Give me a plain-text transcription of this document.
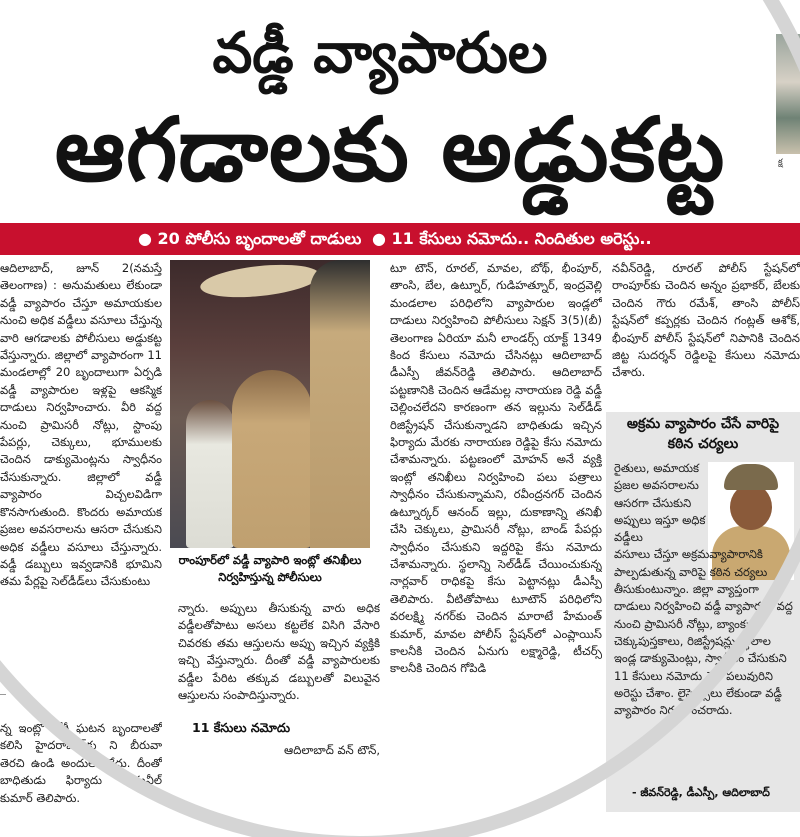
వడ్డీ వ్యాపారుల
ఆగడాలకు అడ్డుకట్ట	క్ష
● 20 పోలీసు బృందాలతో దాడులు ● 11 కేసులు నమోదు.. నిందితుల అరెస్టు..

ఆదిలాబాద్, జూన్ 2(నమస్తే తెలంగాణ) : అనుమతులు లేకుండా వడ్డీ వ్యాపారం చేస్తూ అమాయకుల నుంచి అధిక వడ్డీలు వసూలు చేస్తున్న వారి ఆగడాలకు పోలీసులు అడ్డుకట్ట వేస్తున్నారు. జిల్లాలో వ్యాపారంగా 11 మండలాల్లో 20 బృందాలుగా ఏర్పడి వడ్డీ వ్యాపారుల ఇళ్లపై ఆకస్మిక దాడులు నిర్వహించారు. వీరి వద్ద నుంచి ప్రామిసరీ నోట్లు, స్టాంపు పేపర్లు, చెక్కులు, భూములకు చెందిన డాక్యుమెంట్లను స్వాధీనం చేసుకున్నారు. జిల్లాలో వడ్డీ వ్యాపారం విచ్చలవిడిగా కొనసాగుతుంది. కొందరు అమాయక ప్రజల అవసరాలను ఆసరా చేసుకుని అధిక వడ్డీలు వసూలు చేస్తున్నారు. వడ్డీ డబ్బులు ఇవ్వడానికి భూమిని తమ పేర్లపై సెల్‌డీడ్‌లు చేసుకుంటు

న్న ఇంట్లో చోరీ ఘటన బృందాలతో కలిసి హైదరాబాద్‌కు ని బీరువా తెరచి ఉండి అందులో లేదు. దీంతో బాధితుడు ఫిర్యాదు ఎ.సునీల్ కుమార్ తెలిపారు.

రాంపూర్‌లో వడ్డీ వ్యాపారి ఇంట్లో తనిఖీలు నిర్వహిస్తున్న పోలీసులు

న్నారు. అప్పులు తీసుకున్న వారు అధిక వడ్డీలతోపాటు అసలు కట్టలేక విసిగి వేసారి చివరకు తమ ఆస్తులను అప్పు ఇచ్చిన వ్యక్తికి ఇచ్చి వేస్తున్నారు. దీంతో వడ్డీ వ్యాపారులకు వడ్డీల పేరిట తక్కువ డబ్బులతో విలువైన ఆస్తులను సంపాదిస్తున్నారు.

11 కేసులు నమోదు

ఆదిలాబాద్ వన్ టౌన్,

టూ టౌన్, రూరల్, మావల, బోథ్, భీంపూర్, తాంసి, బేల, ఉట్నూర్, గుడిహత్నూర్, ఇంద్రవెల్లి మండలాల పరిధిలోని వ్యాపారుల ఇండ్లలో దాడులు నిర్వహించి పోలీసులు సెక్షన్ 3(5)(బీ) తెలంగాణ ఏరియా మనీ లాండర్స్ యాక్ట్ 1349 కింద కేసులు నమోదు చేసినట్లు ఆదిలాబాద్ డీఎస్పీ జీవన్‌రెడ్డి తెలిపారు. ఆదిలాబాద్ పట్టణానికి చెందిన ఆడేమల్ల నారాయణ రెడ్డి వడ్డీ చెల్లించలేదని కారణంగా తన ఇల్లును సెల్‌డీడ్ రిజిస్ట్రేషన్ చేసుకున్నాడని బాధితుడు ఇచ్చిన ఫిర్యాదు మేరకు నారాయణ రెడ్డిపై కేసు నమోదు చేశామన్నారు. పట్టణంలో మోహన్ అనే వ్యక్తి ఇంట్లో తనిఖీలు నిర్వహించి పలు పత్రాలు స్వాధీనం చేసుకున్నామని, రవీంద్రనగర్ చెందిన ఉట్నూర్కర్ ఆనంద్ ఇల్లు, దుకాణాన్ని తనిఖీ చేసి చెక్కులు, ప్రామిసరీ నోట్లు, బాండ్ పేపర్లు స్వాధీనం చేసుకుని ఇద్దరిపై కేసు నమోదు చేశామన్నారు. స్థలాన్ని సెల్‌డీడ్ చేయించుకున్న నార్లవార్ రాధికపై కేసు పెట్టానట్లు డీఎస్పీ తెలిపారు. వీటితోపాటు టూటౌన్ పరిధిలోని వరలక్ష్మి నగర్‌కు చెందిన మారాటే హేమంత్ కుమార్, మావల పోలీస్ స్టేషన్‌లో ఎంప్లాయిస్ కాలనీకి చెందిన ఏనుగు లక్ష్మారెడ్డి, టీచర్స్ కాలనీకి చెందిన గోపిడి

నవీన్‌రెడ్డి, రూరల్ పోలీస్ స్టేషన్‌లో రాంపూర్‌కు చెందిన అన్నం ప్రభాకర్, బేలకు చెందిన గౌరు రమేశ్, తాంసి పోలీస్ స్టేషన్‌లో కప్పర్లకు చెందిన గంట్లత్ ఆశోక్, భీంపూర్ పోలీస్ స్టేషన్‌లో నిపానికి చెందిన జిట్ట సుదర్శన్ రెడ్డిలపై కేసులు నమోదు చేశారు.

అక్రమ వ్యాపారం చేసే వారిపై కఠిన చర్యలు
రైతులు, అమాయక ప్రజల అవసరాలను ఆసరగా చేసుకుని అప్పులు ఇస్తూ అధిక వడ్డీలు
వసూలు చేస్తూ అక్రమవ్యాపారానికి పాల్పడుతున్న వారిపై కఠిన చర్యలు తీసుకుంటున్నాం. జిల్లా వ్యాప్తంగా దాడులు నిర్వహించి వడ్డీ వ్యాపారుల వద్ద నుంచి ప్రామిసరీ నోట్లు, బ్యాంకుల చెక్కుపుస్తకాలు, రిజిస్ట్రేషన్లు, స్థలాల ఇండ్ల డాక్యుమెంట్లు, స్వాధీనం చేసుకుని 11 కేసులు నమోదు చేసి పలువురిని అరెస్టు చేశాం. లైసెన్సులు లేకుండా వడ్డీ వ్యాపారం నిర్వహించరాదు.
- జీవన్‌రెడ్డి, డీఎస్పీ, ఆదిలాబాద్
